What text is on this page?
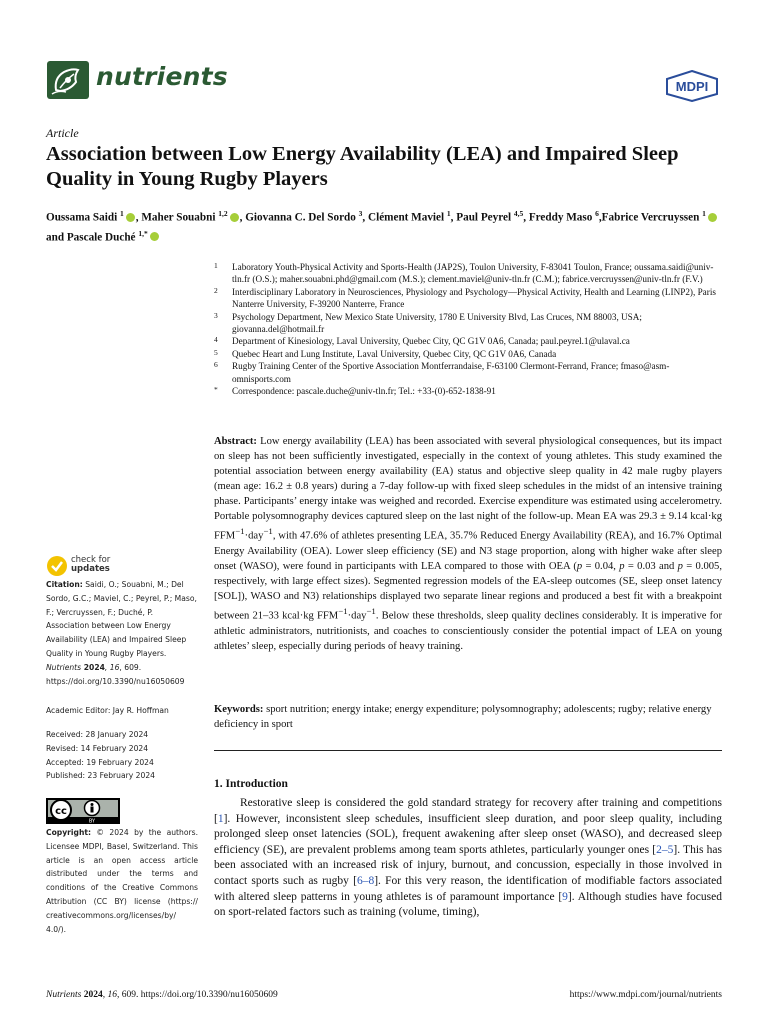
nutrients	MDPI
Article
Association between Low Energy Availability (LEA) and Impaired Sleep Quality in Young Rugby Players
Oussama Saidi $^1$ , Maher Souabni $^{1,2}$ , Giovanna C. Del Sordo $^3$, Clément Maviel $^1$, Paul Peyrel $^{4,5}$, Freddy Maso $^6$,Fabrice Vercruyssen $^1$ and Pascale Duché $^{1,*}$
1 Laboratory Youth-Physical Activity and Sports-Health (JAP2S), Toulon University, F-83041 Toulon, France; oussama.saidi@univ-tln.fr (O.S.); maher.souabni.phd@gmail.com (M.S.); clement.maviel@univ-tln.fr (C.M.); fabrice.vercruyssen@univ-tln.fr (F.V.)
2 Interdisciplinary Laboratory in Neurosciences, Physiology and Psychology—Physical Activity, Health and Learning (LINP2), Paris Nanterre University, F-39200 Nanterre, France
3 Psychology Department, New Mexico State University, 1780 E University Blvd, Las Cruces, NM 88003, USA; giovanna.del@hotmail.fr
4 Department of Kinesiology, Laval University, Quebec City, QC G1V 0A6, Canada; paul.peyrel.1@ulaval.ca
5 Quebec Heart and Lung Institute, Laval University, Quebec City, QC G1V 0A6, Canada
6 Rugby Training Center of the Sportive Association Montferrandaise, F-63100 Clermont-Ferrand, France; fmaso@asm-omnisports.com
* Correspondence: pascale.duche@univ-tln.fr; Tel.: +33-(0)-652-1838-91
Abstract: Low energy availability (LEA) has been associated with several physiological consequences, but its impact on sleep has not been sufficiently investigated, especially in the context of young athletes. This study examined the potential association between energy availability (EA) status and objective sleep quality in 42 male rugby players (mean age: 16.2 ± 0.8 years) during a 7-day follow-up with fixed sleep schedules in the midst of an intensive training phase. Participants’ energy intake was weighed and recorded. Exercise expenditure was estimated using accelerometry. Portable polysomnography devices captured sleep on the last night of the follow-up. Mean EA was 29.3 ± 9.14 kcal·kg $FFM^{-1}\cdot day^{-1}$, with 47.6% of athletes presenting LEA, 35.7% Reduced Energy Availability (REA), and 16.7% Optimal Energy Availability (OEA). Lower sleep efficiency (SE) and N3 stage proportion, along with higher wake after sleep onset (WASO), were found in participants with LEA compared to those with OEA (p = 0.04, p = 0.03 and p = 0.005, respectively, with large effect sizes). Segmented regression models of the EA-sleep outcomes (SE, sleep onset latency [SOL]), WASO and N3) relationships displayed two separate linear regions and produced a best fit with a breakpoint between 21–33 kcal·kg $FFM^{-1}\cdot day^{-1}$. Below these thresholds, sleep quality declines considerably. It is imperative for athletic administrators, nutritionists, and coaches to conscientiously consider the potential impact of LEA on young athletes’ sleep, especially during periods of heavy training.
Keywords: sport nutrition; energy intake; energy expenditure; polysomnography; adolescents; rugby; relative energy deficiency in sport
1. Introduction
Restorative sleep is considered the gold standard strategy for recovery after training and competitions [1]. However, inconsistent sleep schedules, insufficient sleep duration, and poor sleep quality, including prolonged sleep onset latencies (SOL), frequent awakening after sleep onset (WASO), and decreased sleep efficiency (SE), are prevalent problems among team sports athletes, particularly younger ones [2–5]. This has been associated with an increased risk of injury, burnout, and concussion, especially in those involved in contact sports such as rugby [6–8]. For this very reason, the identification of modifiable factors associated with altered sleep patterns in young athletes is of paramount importance [9]. Although studies have focused on sport-related factors such as training (volume, timing),
check for
updates
Citation: Saidi, O.; Souabni, M.; Del Sordo, G.C.; Maviel, C.; Peyrel, P.; Maso, F.; Vercruyssen, F.; Duché, P. Association between Low Energy Availability (LEA) and Impaired Sleep Quality in Young Rugby Players. Nutrients 2024, 16, 609. https://doi.org/10.3390/nu16050609
Academic Editor: Jay R. Hoffman
Received: 28 January 2024
Revised: 14 February 2024
Accepted: 19 February 2024
Published: 23 February 2024
cc
BY
Copyright: © 2024 by the authors. Licensee MDPI, Basel, Switzerland. This article is an open access article distributed under the terms and conditions of the Creative Commons Attribution (CC BY) license (https:// creativecommons.org/licenses/by/ 4.0/).
Nutrients 2024, 16, 609. https://doi.org/10.3390/nu16050609	https://www.mdpi.com/journal/nutrients
